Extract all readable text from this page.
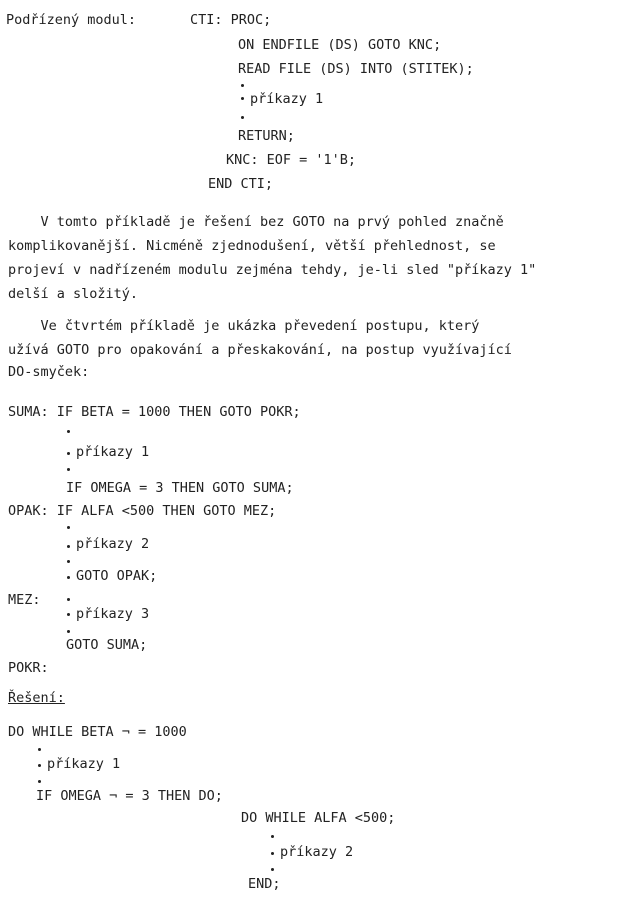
Podřízený modul:	CTI: PROC;
ON ENDFILE (DS) GOTO KNC;
READ FILE (DS) INTO (STITEK);
příkazy 1
RETURN;
KNC: EOF = '1'B;
END CTI;
V tomto příkladě je řešení bez GOTO na prvý pohled značně
komplikovanější. Nicméně zjednodušení, větší přehlednost, se
projeví v nadřízeném modulu zejména tehdy, je-li sled "příkazy 1"
delší a složitý.
Ve čtvrtém příkladě je ukázka převedení postupu, který
užívá GOTO pro opakování a přeskakování, na postup využívající
DO-smyček:
SUMA: IF BETA = 1000 THEN GOTO POKR;
příkazy 1
IF OMEGA = 3 THEN GOTO SUMA;
OPAK: IF ALFA <500 THEN GOTO MEZ;
příkazy 2
GOTO OPAK;
MEZ:
příkazy 3
GOTO SUMA;
POKR:
Řešení:
DO WHILE BETA ¬ = 1000
příkazy 1
IF OMEGA ¬ = 3 THEN DO;
DO WHILE ALFA <500;
příkazy 2
END;
